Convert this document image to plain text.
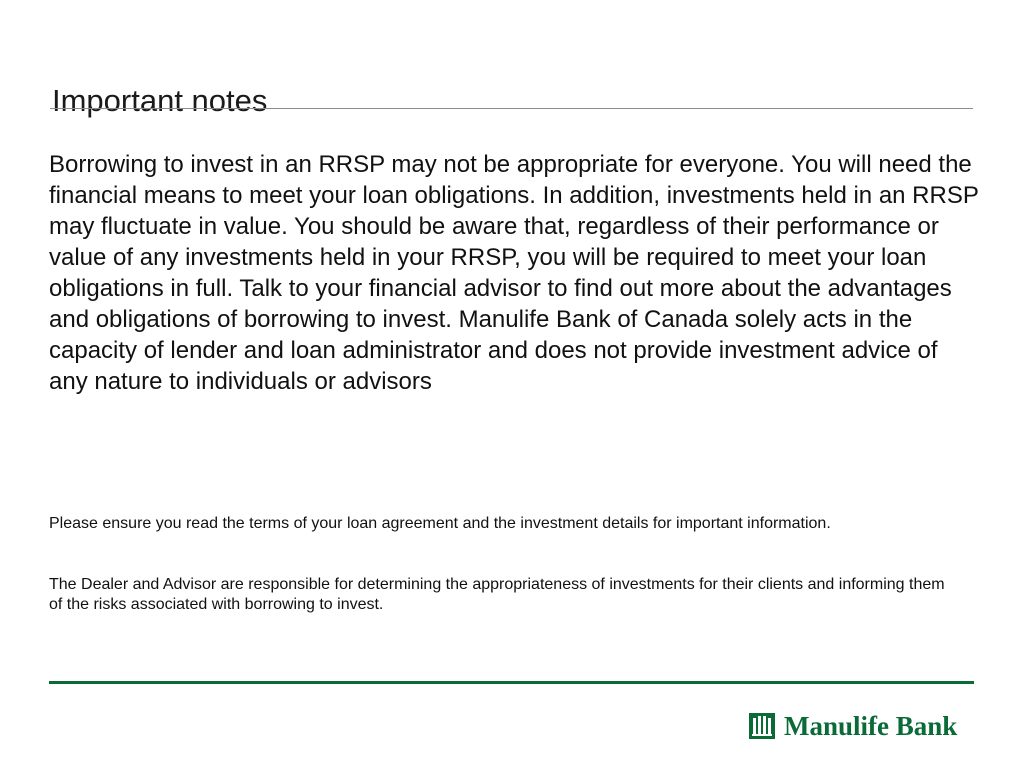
Important notes

Borrowing to invest in an RRSP may not be appropriate for everyone. You will need the financial means to meet your loan obligations. In addition, investments held in an RRSP may fluctuate in value. You should be aware that, regardless of their performance or value of any investments held in your RRSP, you will be required to meet your loan obligations in full. Talk to your financial advisor to find out more about the advantages and obligations of borrowing to invest. Manulife Bank of Canada solely acts in the capacity of lender and loan administrator and does not provide investment advice of any nature to individuals or advisors

Please ensure you read the terms of your loan agreement and the investment details for important information.

The Dealer and Advisor are responsible for determining the appropriateness of investments for their clients and informing them of the risks associated with borrowing to invest.

Manulife Bank
